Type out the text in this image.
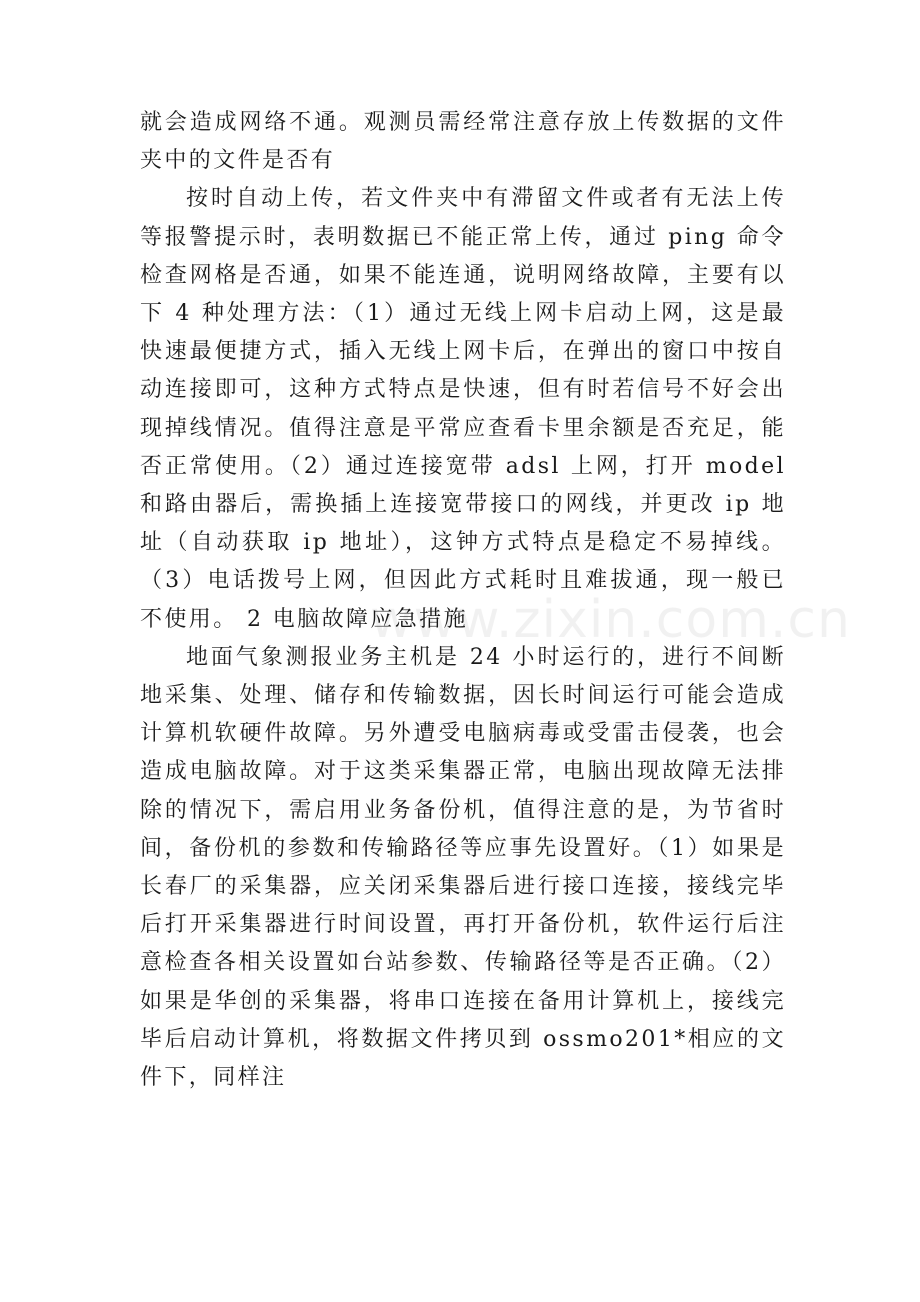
就会造成网络不通。观测员需经常注意存放上传数据的文件夹中的文件是否有

按时自动上传，若文件夹中有滞留文件或者有无法上传等报警提示时，表明数据已不能正常上传，通过 ping 命令检查网格是否通，如果不能连通，说明网络故障，主要有以下 4 种处理方法：（1）通过无线上网卡启动上网，这是最快速最便捷方式，插入无线上网卡后，在弹出的窗口中按自动连接即可，这种方式特点是快速，但有时若信号不好会出现掉线情况。值得注意是平常应查看卡里余额是否充足，能否正常使用。（2）通过连接宽带 adsl 上网，打开 model 和路由器后，需换插上连接宽带接口的网线，并更改 ip 地址（自动获取 ip 地址），这钟方式特点是稳定不易掉线。（3）电话拨号上网，但因此方式耗时且难拔通，现一般已不使用。 2 电脑故障应急措施

地面气象测报业务主机是 24 小时运行的，进行不间断地采集、处理、储存和传输数据，因长时间运行可能会造成计算机软硬件故障。另外遭受电脑病毒或受雷击侵袭，也会造成电脑故障。对于这类采集器正常，电脑出现故障无法排除的情况下，需启用业务备份机，值得注意的是，为节省时间，备份机的参数和传输路径等应事先设置好。（1）如果是长春厂的采集器，应关闭采集器后进行接口连接，接线完毕后打开采集器进行时间设置，再打开备份机，软件运行后注意检查各相关设置如台站参数、传输路径等是否正确。（2）如果是华创的采集器，将串口连接在备用计算机上，接线完毕后启动计算机，将数据文件拷贝到 ossmo201*相应的文件下，同样注

www.zixin.com.cn
